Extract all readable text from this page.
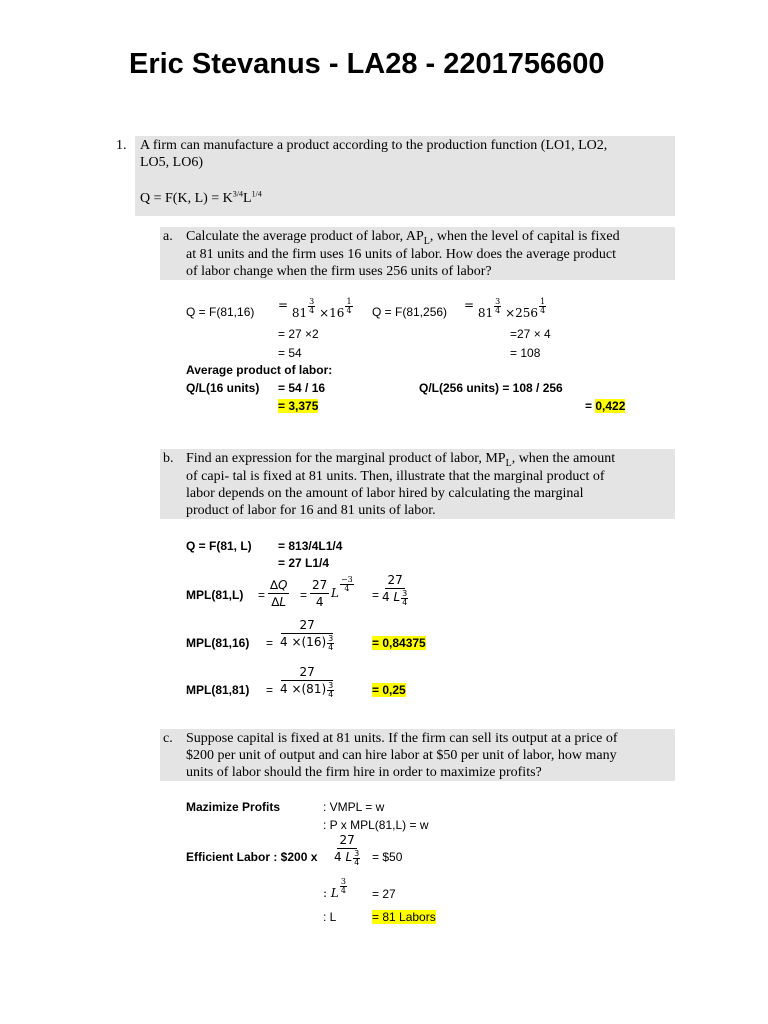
Eric Stevanus - LA28 - 2201756600
1. A firm can manufacture a product according to the production function (LO1, LO2,
LO5, LO6)
Q = F(K, $L) = K^{3/4}L^{1/4}$
a. Calculate the average product of labor, $AP_L$, when the level of capital is fixed
at 81 units and the firm uses 16 units of labor. How does the average product
of labor change when the firm uses 256 units of labor?
$Q = F(81,16) = 81 \frac{3}{4} \times 16 \frac{1}{4}$
= 27 ×2
= 54
$Q = F(81,256) = 81 \frac{3}{4} \times 256 \frac{1}{4}$
=27 × 4
= 108
Average product of labor:
Q/L(16 units) = 54 / 16
= 3,375
Q/L(256 units) = 108 / 256
= 0,422
b. Find an expression for the marginal product of labor, $MP_L$, when the amount
of capi- tal is fixed at 81 units. Then, illustrate that the marginal product of
labor depends on the amount of labor hired by calculating the marginal
product of labor for 16 and 81 units of labor.
Q = F(81, L) = 813/4L1/4
= 27 L1/4
$MPL(81,L) = \frac{\Delta Q}{\Delta L} = \frac{27}{4}$ L $\frac{-3}{4}$
= $\frac{27}{4 L \frac{3}{4}}$
$MPL(81,16) = \frac{27}{4 \times(16) \frac{3}{4}}$	= 0,84375
$MPL(81,81) = \frac{27}{4 \times(81) \frac{3}{4}}$	= 0,25
c. Suppose capital is fixed at 81 units. If the firm can sell its output at a price of
$200 per unit of output and can hire labor at $50 per unit of labor, how many
units of labor should the firm hire in order to maximize profits?
Mazimize Profits	: VMPL = w
: P x MPL(81,L) = w
Efficient Labor : $200 x $\frac{27}{4 L \frac{3}{4}}$ = $50
: L $\frac{3}{4} = 27$
: L	= 81 Labors
